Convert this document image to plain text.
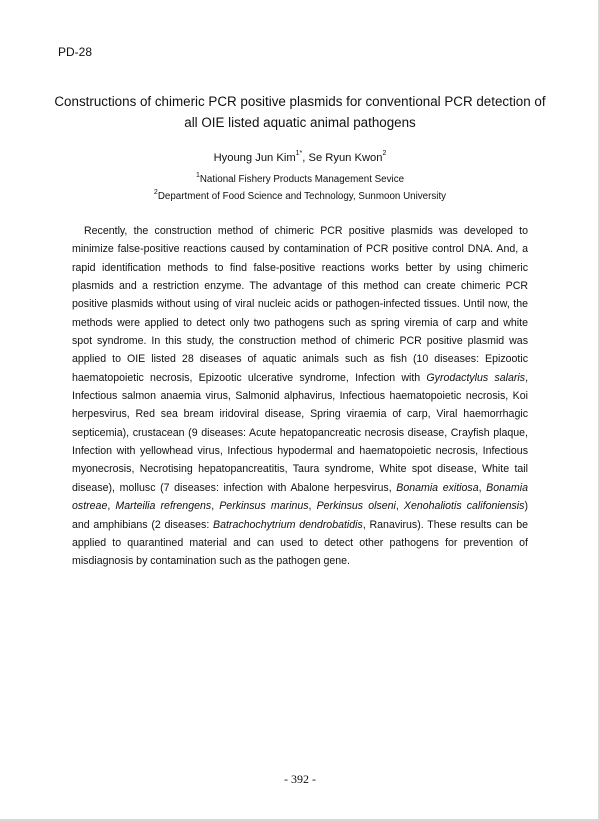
PD-28
Constructions of chimeric PCR positive plasmids for conventional PCR detection of
all OIE listed aquatic animal pathogens
Hyoung Jun Kim$^{1*}$, Se Ryun Kwon$^2$
$^1$National Fishery Products Management Sevice
$^2$Department of Food Science and Technology, Sunmoon University

Recently, the construction method of chimeric PCR positive plasmids was developed to minimize false-positive reactions caused by contamination of PCR positive control DNA. And, a rapid identification methods to find false-positive reactions works better by using chimeric plasmids and a restriction enzyme. The advantage of this method can create chimeric PCR positive plasmids without using of viral nucleic acids or pathogen-infected tissues. Until now, the methods were applied to detect only two pathogens such as spring viremia of carp and white spot syndrome. In this study, the construction method of chimeric PCR positive plasmid was applied to OIE listed 28 diseases of aquatic animals such as fish (10 diseases: Epizootic haematopoietic necrosis, Epizootic ulcerative syndrome, Infection with Gyrodactylus salaris, Infectious salmon anaemia virus, Salmonid alphavirus, Infectious haematopoietic necrosis, Koi herpesvirus, Red sea bream iridoviral disease, Spring viraemia of carp, Viral haemorrhagic septicemia), crustacean (9 diseases: Acute hepatopancreatic necrosis disease, Crayfish plaque, Infection with yellowhead virus, Infectious hypodermal and haematopoietic necrosis, Infectious myonecrosis, Necrotising hepatopancreatitis, Taura syndrome, White spot disease, White tail disease), mollusc (7 diseases: infection with Abalone herpesvirus, Bonamia exitiosa, Bonamia ostreae, Marteilia refrengens, Perkinsus marinus, Perkinsus olseni, Xenohaliotis califoniensis) and amphibians (2 diseases: Batrachochytrium dendrobatidis, Ranavirus). These results can be applied to quarantined material and can used to detect other pathogens for prevention of misdiagnosis by contamination such as the pathogen gene.

- 392 -
